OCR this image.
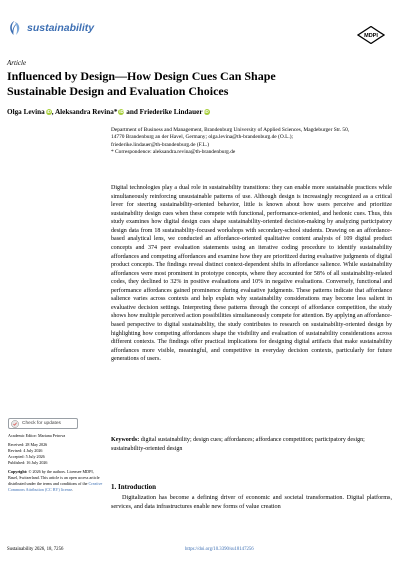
sustainability
MDPI
Article
Influenced by Design—How Design Cues Can Shape Sustainable Design and Evaluation Choices
Olga Levina iD, Aleksandra Revina* iD and Friederike Lindauer iD
Department of Business and Management, Brandenburg University of Applied Sciences, Magdeburger Str. 50,
14770 Brandenburg an der Havel, Germany; olga.levina@th-brandenburg.de (O.L.);
friederike.lindauer@th-brandenburg.de (F.L.)
* Correspondence: aleksandra.revina@th-brandenburg.de

Digital technologies play a dual role in sustainability transitions: they can enable more sustainable practices while simultaneously reinforcing unsustainable patterns of use. Although design is increasingly recognized as a critical lever for steering sustainability-oriented behavior, little is known about how users perceive and prioritize sustainability design cues when these compete with functional, performance-oriented, and hedonic cues. Thus, this study examines how digital design cues shape sustainability-oriented decision-making by analyzing participatory design data from 18 sustainability-focused workshops with secondary-school students. Drawing on an affordance-based analytical lens, we conducted an affordance-oriented qualitative content analysis of 109 digital product concepts and 374 peer evaluation statements using an iterative coding procedure to identify sustainability affordances and competing affordances and examine how they are prioritized during evaluative judgments of digital product concepts. The findings reveal distinct context-dependent shifts in affordance salience. While sustainability affordances were most prominent in prototype concepts, where they accounted for 58% of all sustainability-related codes, they declined to 32% in positive evaluations and 10% in negative evaluations. Conversely, functional and performance affordances gained prominence during evaluative judgments. These patterns indicate that affordance salience varies across contexts and help explain why sustainability considerations may become less salient in evaluative decision settings. Interpreting these patterns through the concept of affordance competition, the study shows how multiple perceived action possibilities simultaneously compete for attention. By applying an affordance-based perspective to digital sustainability, the study contributes to research on sustainability-oriented design by highlighting how competing affordances shape the visibility and evaluation of sustainability considerations across different contexts. The findings offer practical implications for designing digital artifacts that make sustainability affordances more visible, meaningful, and competitive in everyday decision contexts, particularly for future generations of users.

Keywords: digital sustainability; design cues; affordances; affordance competition; participatory design; sustainability-oriented design

1. Introduction

Digitalization has become a defining driver of economic and societal transformation. Digital platforms, services, and data infrastructures enable new forms of value creation

Check for updates
Academic Editor: Mariana Petrova
Received: 28 May 2026
Revised: 4 July 2026
Accepted: 5 July 2026
Published: 16 July 2026
Copyright: © 2026 by the authors. Licensee MDPI, Basel, Switzerland. This article is an open access article distributed under the terms and conditions of the Creative Commons Attribution (CC BY) license.
Sustainability 2026, 18, 7256	https://doi.org/10.3390/su18147256
